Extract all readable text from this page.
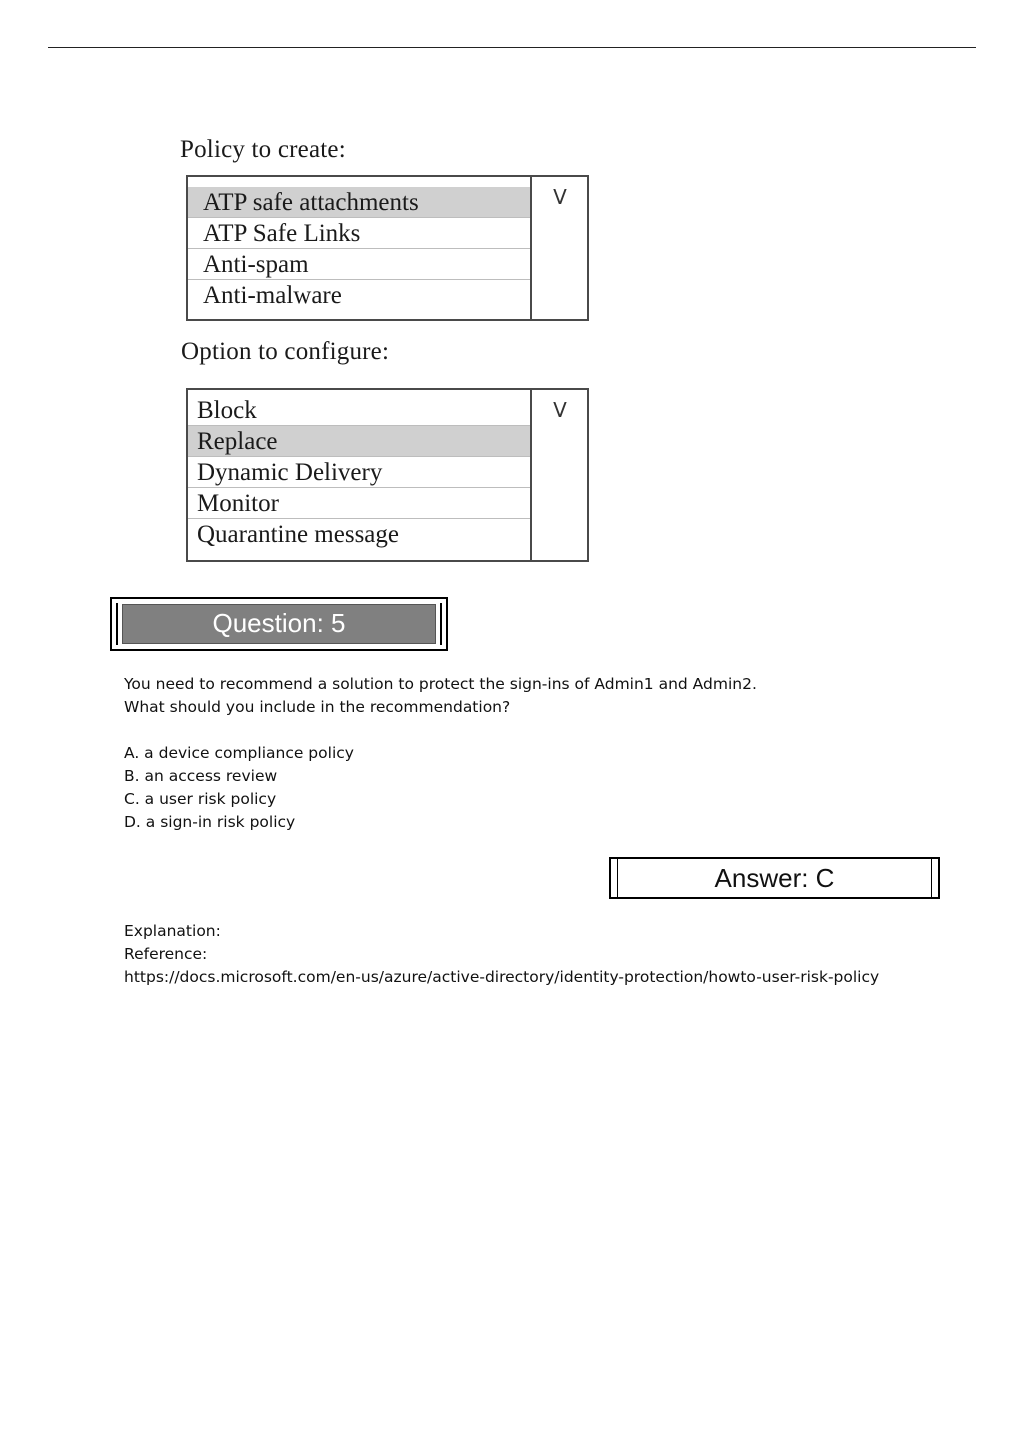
Policy to create:
ATP safe attachments
ATP Safe Links
Anti-spam
Anti-malware
V
Option to configure:
Block
Replace
Dynamic Delivery
Monitor
Quarantine message
V
Question: 5
You need to recommend a solution to protect the sign-ins of Admin1 and Admin2.
What should you include in the recommendation?
A. a device compliance policy
B. an access review
C. a user risk policy
D. a sign-in risk policy
Answer: C
Explanation:
Reference:
https://docs.microsoft.com/en-us/azure/active-directory/identity-protection/howto-user-risk-policy
